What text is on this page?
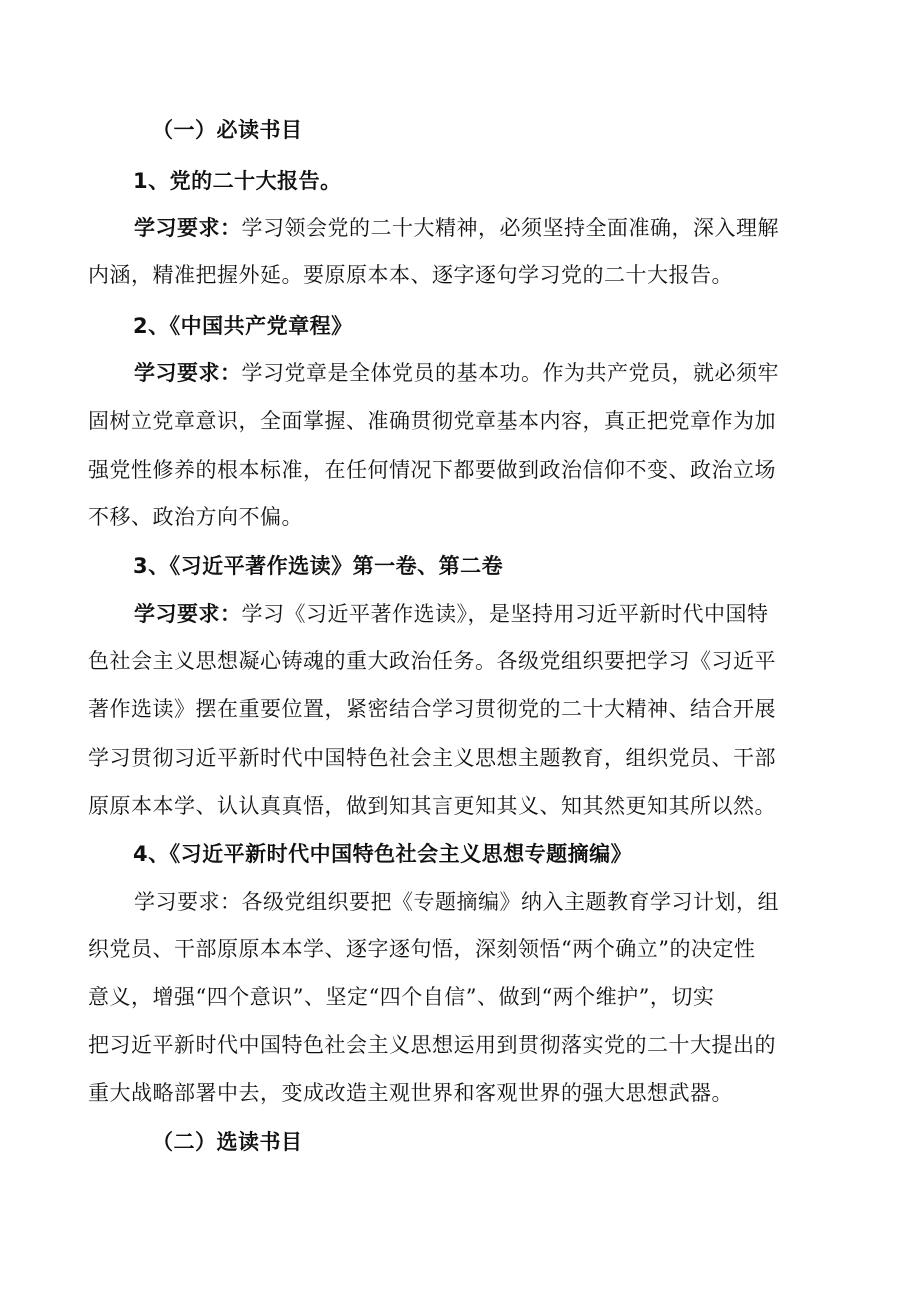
（一）必读书目
1、党的二十大报告。
学习要求：学习领会党的二十大精神，必须坚持全面准确，深入理解
内涵，精准把握外延。要原原本本、逐字逐句学习党的二十大报告。
2、《中国共产党章程》
学习要求：学习党章是全体党员的基本功。作为共产党员，就必须牢
固树立党章意识，全面掌握、准确贯彻党章基本内容，真正把党章作为加
强党性修养的根本标准，在任何情况下都要做到政治信仰不变、政治立场
不移、政治方向不偏。
3、《习近平著作选读》第一卷、第二卷
学习要求：学习《习近平著作选读》，是坚持用习近平新时代中国特
色社会主义思想凝心铸魂的重大政治任务。各级党组织要把学习《习近平
著作选读》摆在重要位置，紧密结合学习贯彻党的二十大精神、结合开展
学习贯彻习近平新时代中国特色社会主义思想主题教育，组织党员、干部
原原本本学、认认真真悟，做到知其言更知其义、知其然更知其所以然。
4、《习近平新时代中国特色社会主义思想专题摘编》
学习要求：各级党组织要把《专题摘编》纳入主题教育学习计划，组
织党员、干部原原本本学、逐字逐句悟，深刻领悟“两个确立”的决定性
意义，增强“四个意识”、坚定“四个自信”、做到“两个维护”，切实
把习近平新时代中国特色社会主义思想运用到贯彻落实党的二十大提出的
重大战略部署中去，变成改造主观世界和客观世界的强大思想武器。
（二）选读书目
